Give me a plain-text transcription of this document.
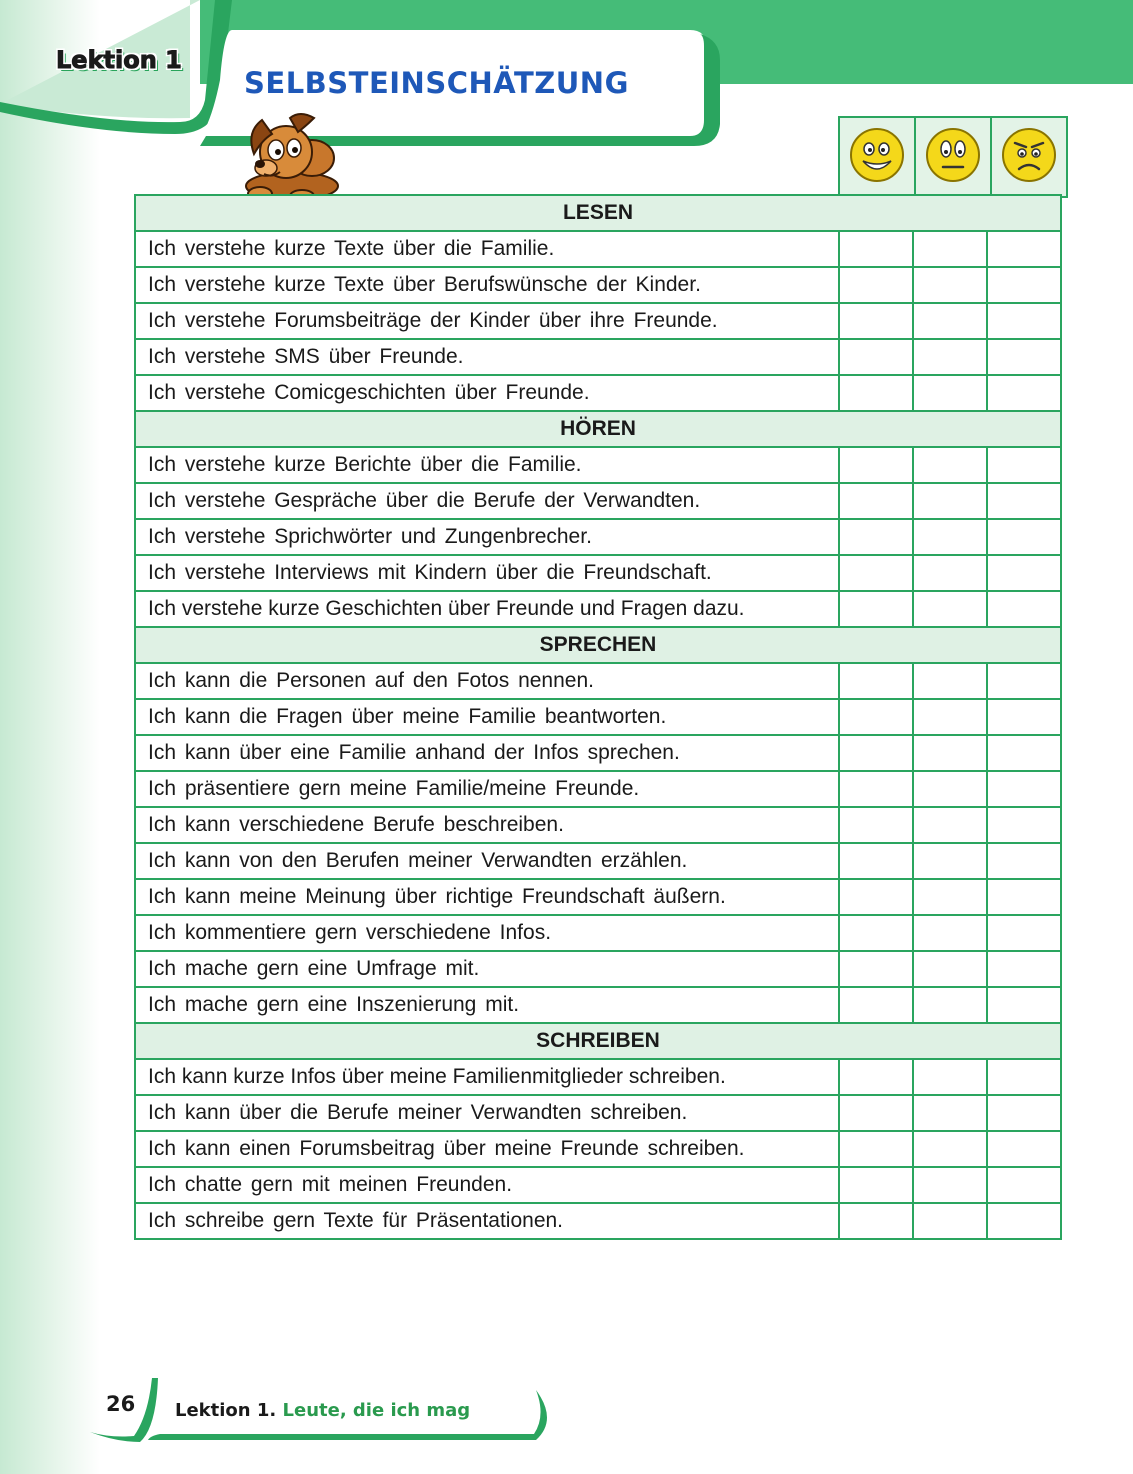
Lektion 1
SELBSTEINSCHÄTZUNG

LESEN			
Ich verstehe kurze Texte über die Familie.			
Ich verstehe kurze Texte über Berufswünsche der Kinder.			
Ich verstehe Forumsbeiträge der Kinder über ihre Freunde.			
Ich verstehe SMS über Freunde.			
Ich verstehe Comicgeschichten über Freunde.			
HÖREN			
Ich verstehe kurze Berichte über die Familie.			
Ich verstehe Gespräche über die Berufe der Verwandten.			
Ich verstehe Sprichwörter und Zungenbrecher.			
Ich verstehe Interviews mit Kindern über die Freundschaft.			
Ich verstehe kurze Geschichten über Freunde und Fragen dazu.			
SPRECHEN			
Ich kann die Personen auf den Fotos nennen.			
Ich kann die Fragen über meine Familie beantworten.			
Ich kann über eine Familie anhand der Infos sprechen.			
Ich präsentiere gern meine Familie/meine Freunde.			
Ich kann verschiedene Berufe beschreiben.			
Ich kann von den Berufen meiner Verwandten erzählen.			
Ich kann meine Meinung über richtige Freundschaft äußern.			
Ich kommentiere gern verschiedene Infos.			
Ich mache gern eine Umfrage mit.			
Ich mache gern eine Inszenierung mit.			
SCHREIBEN			
Ich kann kurze Infos über meine Familienmitglieder schreiben.			
Ich kann über die Berufe meiner Verwandten schreiben.			
Ich kann einen Forumsbeitrag über meine Freunde schreiben.			
Ich chatte gern mit meinen Freunden.			
Ich schreibe gern Texte für Präsentationen.			
26 Lektion 1. Leute, die ich mag
